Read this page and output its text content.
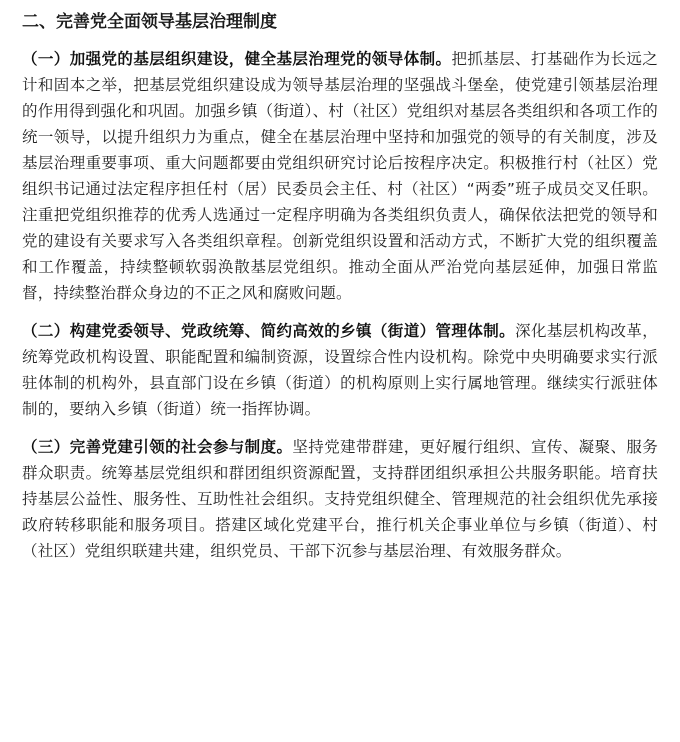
二、完善党全面领导基层治理制度

（一）加强党的基层组织建设，健全基层治理党的领导体制。把抓基层、打基础作为长远之计和固本之举，把基层党组织建设成为领导基层治理的坚强战斗堡垒，使党建引领基层治理的作用得到强化和巩固。加强乡镇（街道）、村（社区）党组织对基层各类组织和各项工作的统一领导，以提升组织力为重点，健全在基层治理中坚持和加强党的领导的有关制度，涉及基层治理重要事项、重大问题都要由党组织研究讨论后按程序决定。积极推行村（社区）党组织书记通过法定程序担任村（居）民委员会主任、村（社区）“两委”班子成员交叉任职。注重把党组织推荐的优秀人选通过一定程序明确为各类组织负责人，确保依法把党的领导和党的建设有关要求写入各类组织章程。创新党组织设置和活动方式，不断扩大党的组织覆盖和工作覆盖，持续整顿软弱涣散基层党组织。推动全面从严治党向基层延伸，加强日常监督，持续整治群众身边的不正之风和腐败问题。

（二）构建党委领导、党政统筹、简约高效的乡镇（街道）管理体制。深化基层机构改革，统筹党政机构设置、职能配置和编制资源，设置综合性内设机构。除党中央明确要求实行派驻体制的机构外，县直部门设在乡镇（街道）的机构原则上实行属地管理。继续实行派驻体制的，要纳入乡镇（街道）统一指挥协调。

（三）完善党建引领的社会参与制度。坚持党建带群建，更好履行组织、宣传、凝聚、服务群众职责。统筹基层党组织和群团组织资源配置，支持群团组织承担公共服务职能。培育扶持基层公益性、服务性、互助性社会组织。支持党组织健全、管理规范的社会组织优先承接政府转移职能和服务项目。搭建区域化党建平台，推行机关企事业单位与乡镇（街道）、村（社区）党组织联建共建，组织党员、干部下沉参与基层治理、有效服务群众。
